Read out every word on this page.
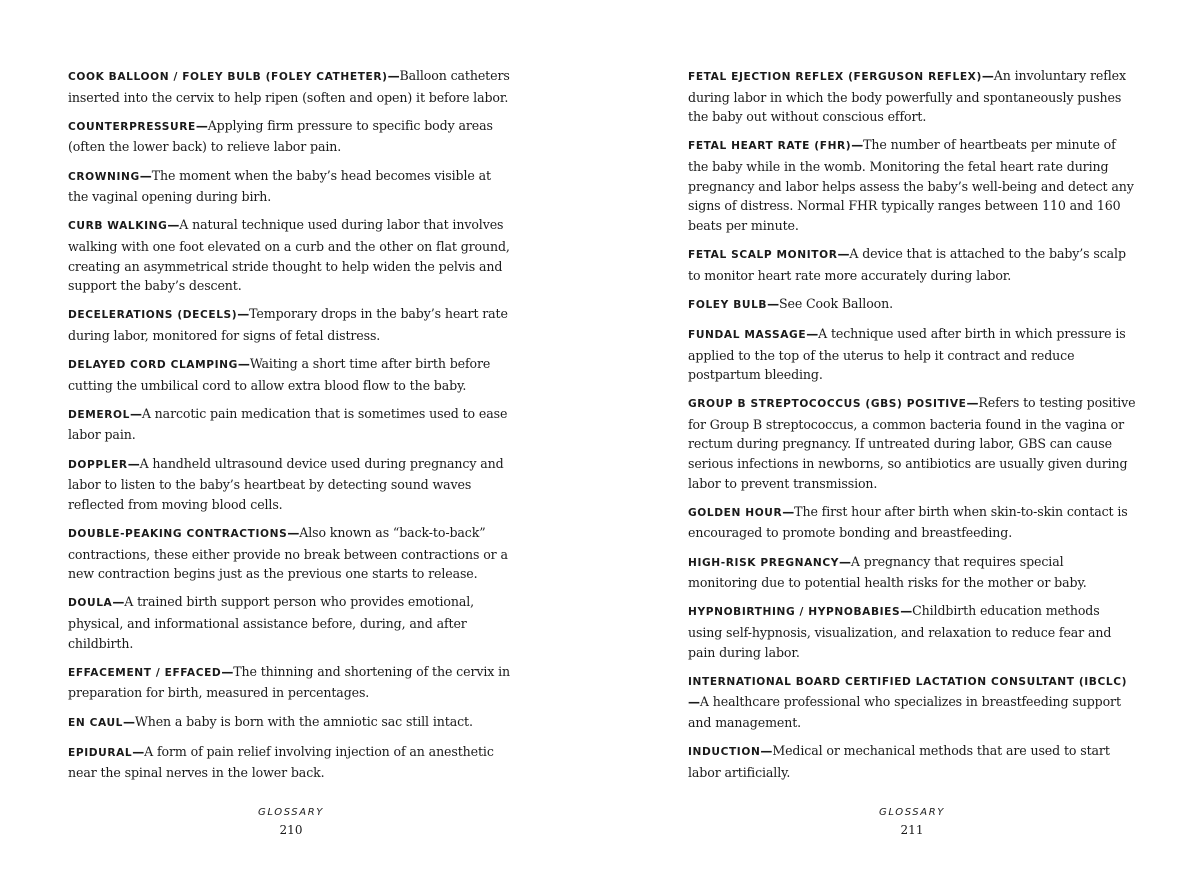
COOK BALLOON / FOLEY BULB (FOLEY CATHETER)—Balloon catheters inserted into the cervix to help ripen (soften and open) it before labor.

COUNTERPRESSURE—Applying firm pressure to specific body areas (often the lower back) to relieve labor pain.

CROWNING—The moment when the baby’s head becomes visible at the vaginal opening during birh.

CURB WALKING—A natural technique used during labor that involves walking with one foot elevated on a curb and the other on flat ground, creating an asymmetrical stride thought to help widen the pelvis and support the baby’s descent.

DECELERATIONS (DECELS)—Temporary drops in the baby’s heart rate during labor, monitored for signs of fetal distress.

DELAYED CORD CLAMPING—Waiting a short time after birth before cutting the umbilical cord to allow extra blood flow to the baby.

DEMEROL—A narcotic pain medication that is sometimes used to ease labor pain.

DOPPLER—A handheld ultrasound device used during pregnancy and labor to listen to the baby’s heartbeat by detecting sound waves reflected from moving blood cells.

DOUBLE-PEAKING CONTRACTIONS—Also known as “back-to-back” contractions, these either provide no break between contractions or a new contraction begins just as the previous one starts to release.

DOULA—A trained birth support person who provides emotional, physical, and informational assistance before, during, and after childbirth.

EFFACEMENT / EFFACED—The thinning and shortening of the cervix in preparation for birth, measured in percentages.

EN CAUL—When a baby is born with the amniotic sac still intact.

EPIDURAL—A form of pain relief involving injection of an anesthetic near the spinal nerves in the lower back.

GLOSSARY
210

FETAL EJECTION REFLEX (FERGUSON REFLEX)—An involuntary reflex during labor in which the body powerfully and spontaneously pushes the baby out without conscious effort.

FETAL HEART RATE (FHR)—The number of heartbeats per minute of the baby while in the womb. Monitoring the fetal heart rate during pregnancy and labor helps assess the baby’s well-being and detect any signs of distress. Normal FHR typically ranges between 110 and 160 beats per minute.

FETAL SCALP MONITOR—A device that is attached to the baby’s scalp to monitor heart rate more accurately during labor.

FOLEY BULB—See Cook Balloon.

FUNDAL MASSAGE—A technique used after birth in which pressure is applied to the top of the uterus to help it contract and reduce postpartum bleeding.

GROUP B STREPTOCOCCUS (GBS) POSITIVE—Refers to testing positive for Group B streptococcus, a common bacteria found in the vagina or rectum during pregnancy. If untreated during labor, GBS can cause serious infections in newborns, so antibiotics are usually given during labor to prevent transmission.

GOLDEN HOUR—The first hour after birth when skin-to-skin contact is encouraged to promote bonding and breastfeeding.

HIGH-RISK PREGNANCY—A pregnancy that requires special monitoring due to potential health risks for the mother or baby.

HYPNOBIRTHING / HYPNOBABIES—Childbirth education methods using self-hypnosis, visualization, and relaxation to reduce fear and pain during labor.

INTERNATIONAL BOARD CERTIFIED LACTATION CONSULTANT (IBCLC)—A healthcare professional who specializes in breastfeeding support and management.

INDUCTION—Medical or mechanical methods that are used to start labor artificially.

GLOSSARY
211
